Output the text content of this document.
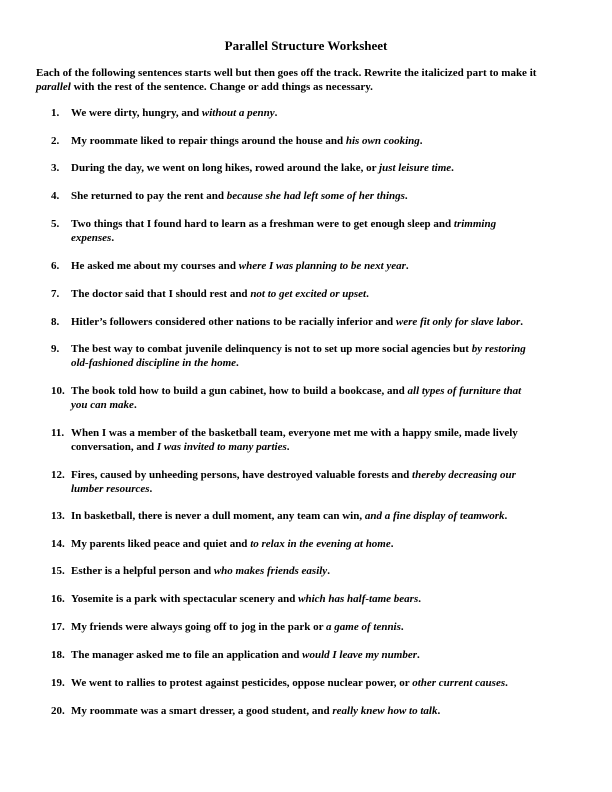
Parallel Structure Worksheet
Each of the following sentences starts well but then goes off the track. Rewrite the italicized part to make it
parallel with the rest of the sentence. Change or add things as necessary.
1.	We were dirty, hungry, and without a penny.
2.	My roommate liked to repair things around the house and his own cooking.
3.	During the day, we went on long hikes, rowed around the lake, or just leisure time.
4.	She returned to pay the rent and because she had left some of her things.
5.	Two things that I found hard to learn as a freshman were to get enough sleep and trimming
expenses.
6.	He asked me about my courses and where I was planning to be next year.
7.	The doctor said that I should rest and not to get excited or upset.
8.	Hitler’s followers considered other nations to be racially inferior and were fit only for slave labor.
9.	The best way to combat juvenile delinquency is not to set up more social agencies but by restoring
old-fashioned discipline in the home.
10. The book told how to build a gun cabinet, how to build a bookcase, and all types of furniture that
you can make.
11. When I was a member of the basketball team, everyone met me with a happy smile, made lively
conversation, and I was invited to many parties.
12. Fires, caused by unheeding persons, have destroyed valuable forests and thereby decreasing our
lumber resources.
13. In basketball, there is never a dull moment, any team can win, and a fine display of teamwork.
14. My parents liked peace and quiet and to relax in the evening at home.
15. Esther is a helpful person and who makes friends easily.
16. Yosemite is a park with spectacular scenery and which has half-tame bears.
17. My friends were always going off to jog in the park or a game of tennis.
18. The manager asked me to file an application and would I leave my number.
19. We went to rallies to protest against pesticides, oppose nuclear power, or other current causes.
20. My roommate was a smart dresser, a good student, and really knew how to talk.
